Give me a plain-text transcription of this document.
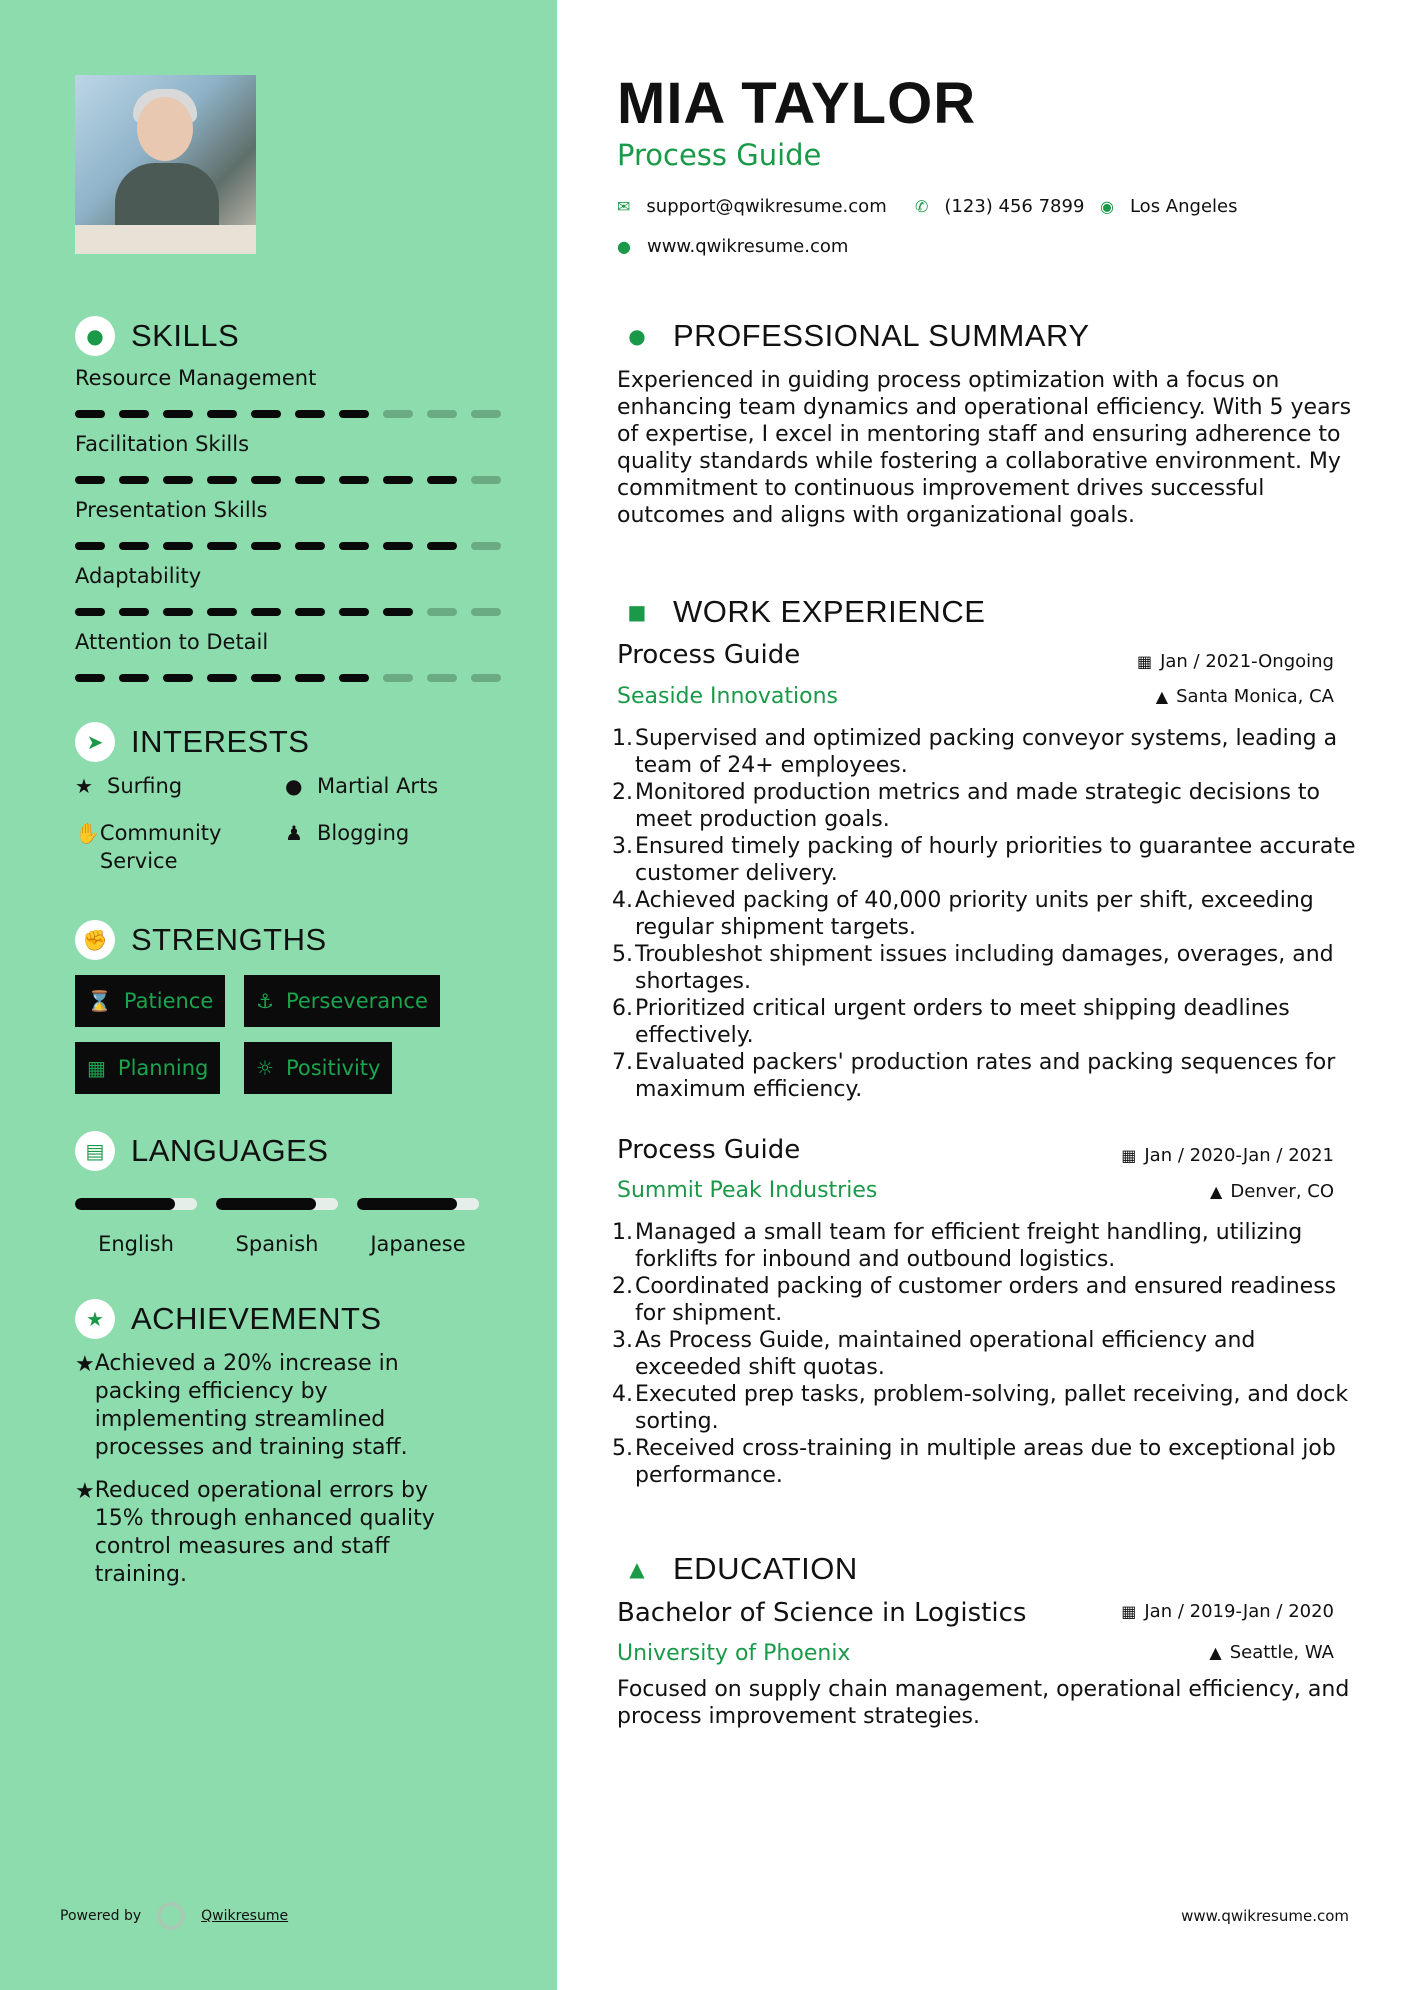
● SKILLS
Resource Management
Facilitation Skills
Presentation Skills
Adaptability
Attention to Detail
➤ INTERESTS
★ Surfing	● Martial Arts
✋ Community Service
♟ Blogging
✊ STRENGTHS
⌛ Patience ⚓ Perseverance
▦ Planning ☼ Positivity
▤ LANGUAGES
English	Spanish	Japanese
★ ACHIEVEMENTS
★ Achieved a 20% increase in packing efficiency by implementing streamlined processes and training staff.
★ Reduced operational errors by 15% through enhanced quality control measures and staff training.
Powered by	Qwikresume
MIA TAYLOR
Process Guide
✉ support@qwikresume.com ✆ (123) 456 7899 ◉ Los Angeles
● www.qwikresume.com
● PROFESSIONAL SUMMARY
Experienced in guiding process optimization with a focus on enhancing team dynamics and operational efficiency. With 5 years of expertise, I excel in mentoring staff and ensuring adherence to quality standards while fostering a collaborative environment. My commitment to continuous improvement drives successful outcomes and aligns with organizational goals.
■ WORK EXPERIENCE
Process Guide	▦ Jan / 2021-Ongoing
Seaside Innovations	▲ Santa Monica, CA
1. Supervised and optimized packing conveyor systems, leading a team of 24+ employees.
2. Monitored production metrics and made strategic decisions to meet production goals.
3. Ensured timely packing of hourly priorities to guarantee accurate customer delivery.
4. Achieved packing of 40,000 priority units per shift, exceeding regular shipment targets.
5. Troubleshot shipment issues including damages, overages, and shortages.
6. Prioritized critical urgent orders to meet shipping deadlines effectively.
7. Evaluated packers' production rates and packing sequences for maximum efficiency.
Process Guide	▦ Jan / 2020-Jan / 2021
Summit Peak Industries	▲ Denver, CO
1. Managed a small team for efficient freight handling, utilizing forklifts for inbound and outbound logistics.
2. Coordinated packing of customer orders and ensured readiness for shipment.
3. As Process Guide, maintained operational efficiency and exceeded shift quotas.
4. Executed prep tasks, problem-solving, pallet receiving, and dock sorting.
5. Received cross-training in multiple areas due to exceptional job performance.
▲ EDUCATION
Bachelor of Science in Logistics	▦ Jan / 2019-Jan / 2020
University of Phoenix	▲ Seattle, WA
Focused on supply chain management, operational efficiency, and process improvement strategies.
www.qwikresume.com
